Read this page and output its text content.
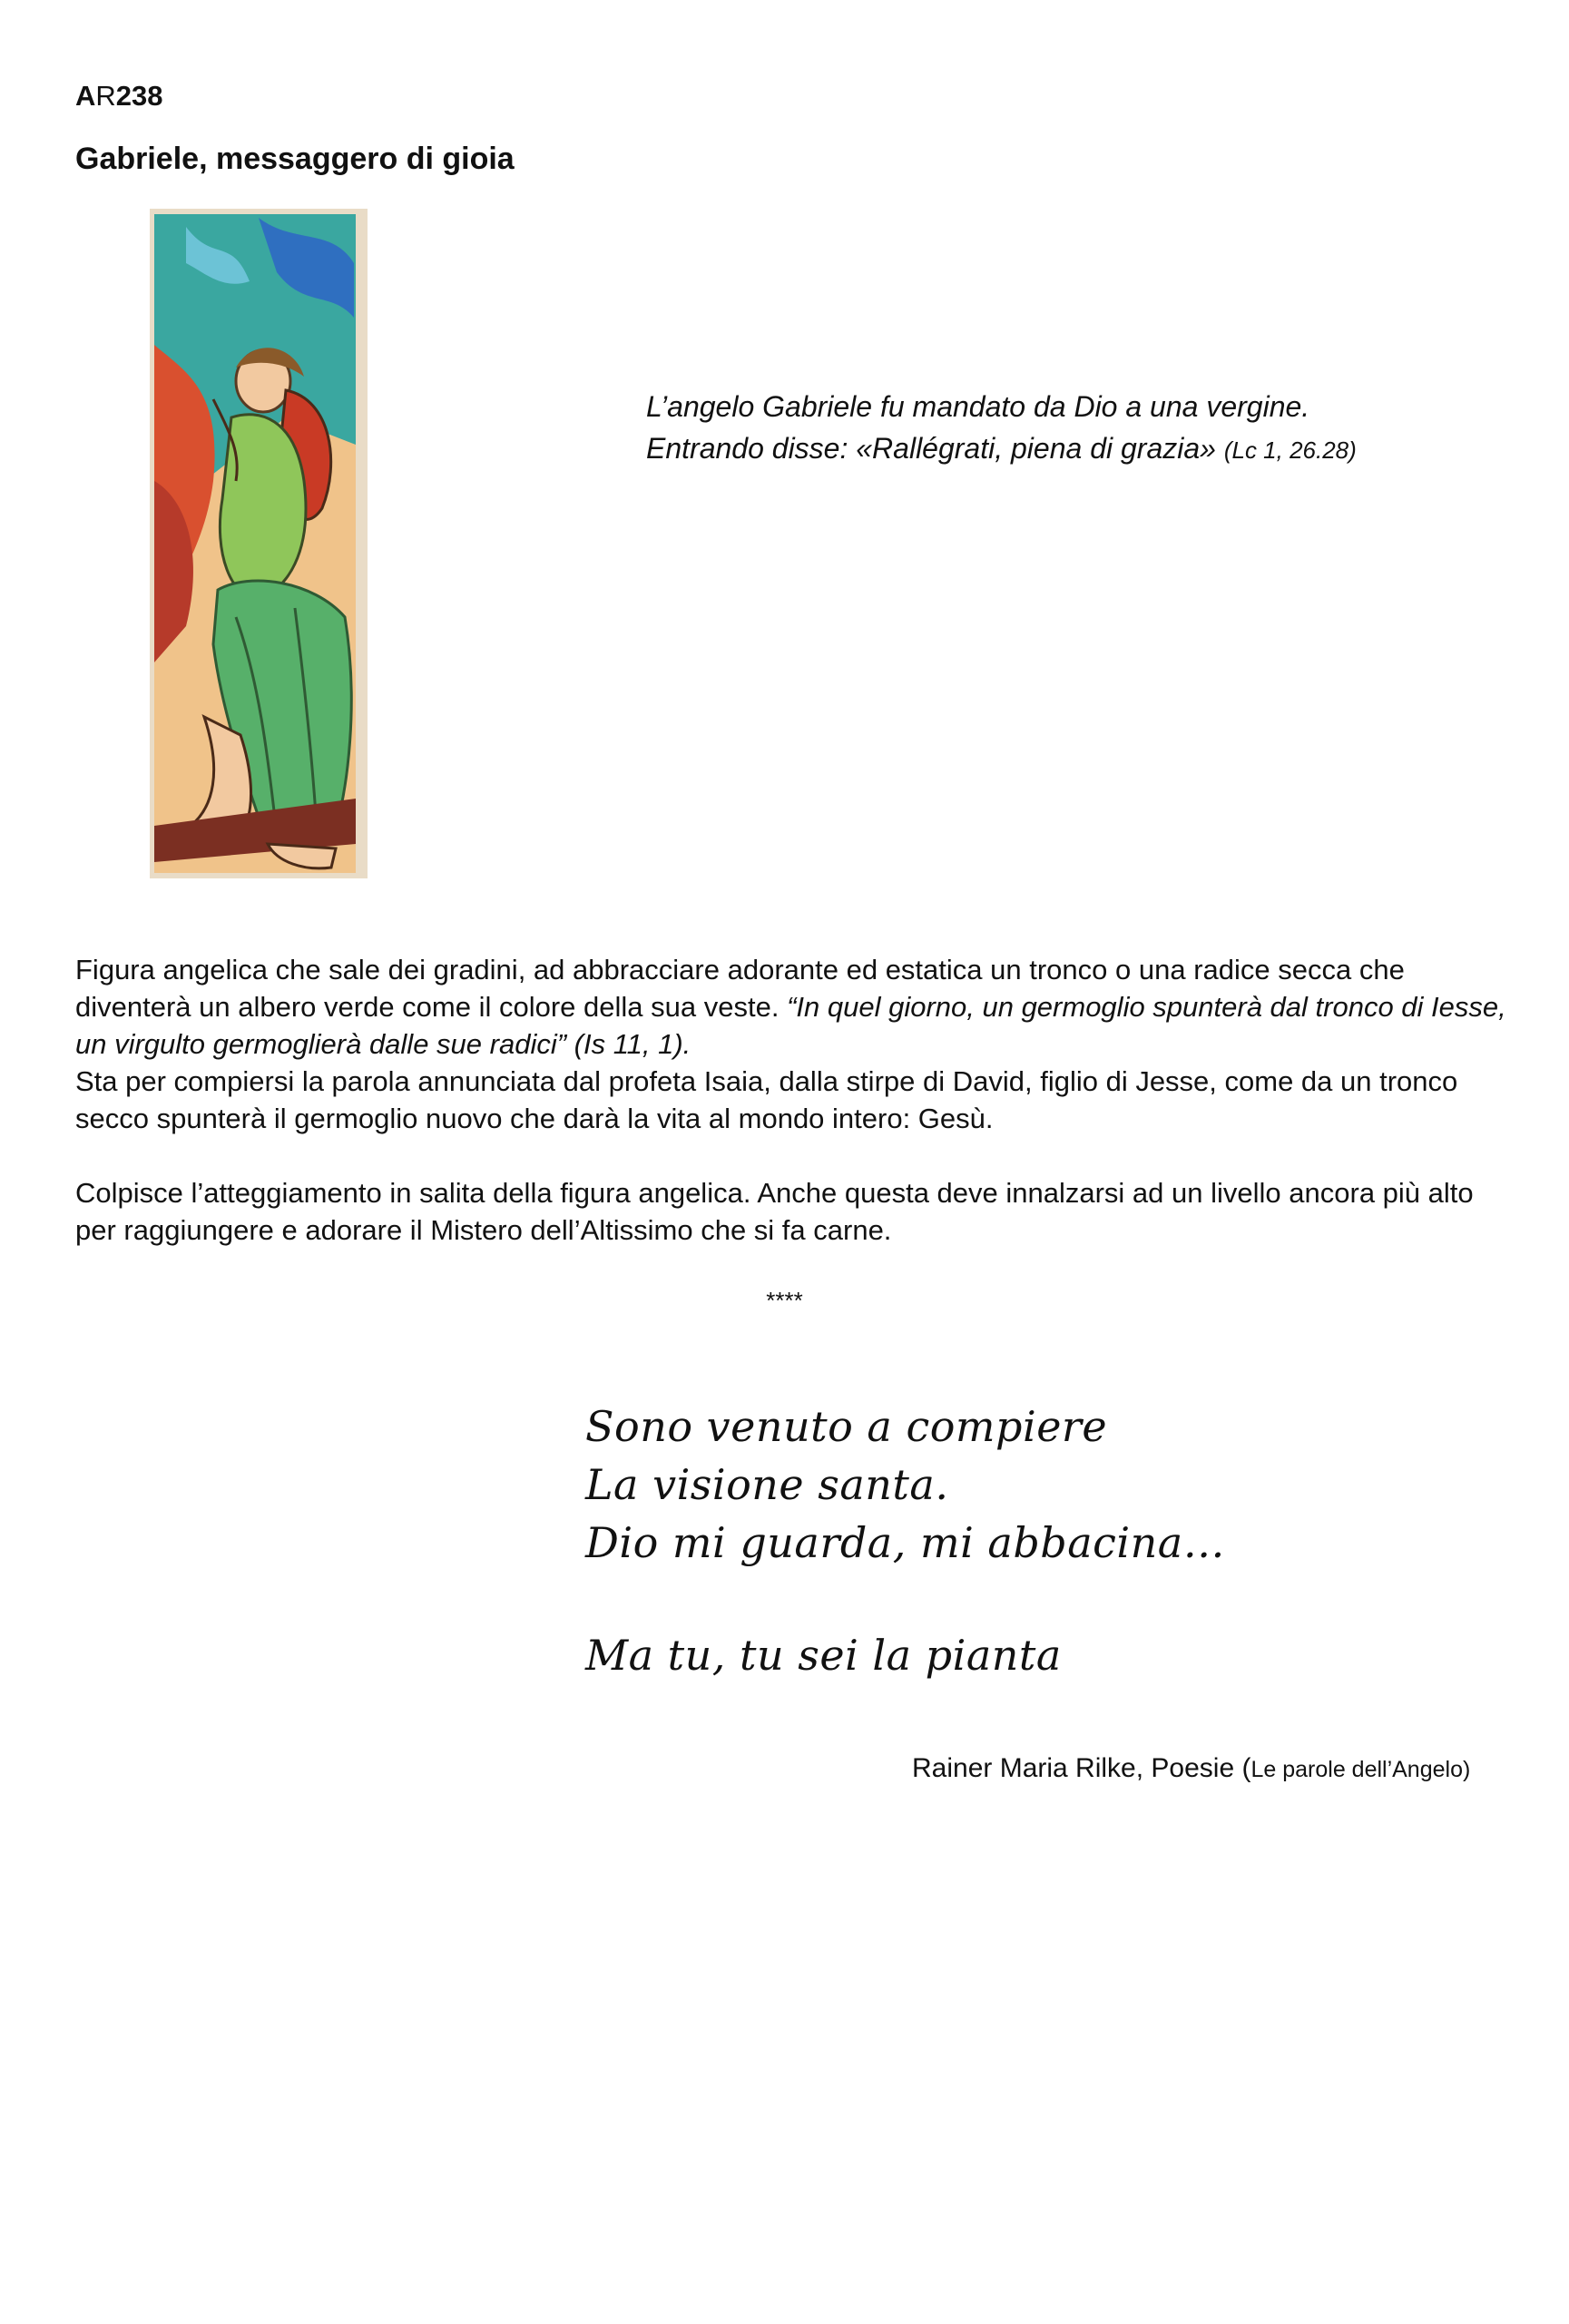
AR238
Gabriele, messaggero di gioia
L’angelo Gabriele fu mandato da Dio a una vergine.
Entrando disse: «Rallégrati, piena di grazia» (Lc 1, 26.28)

Figura angelica che sale dei gradini, ad abbracciare adorante ed estatica un tronco o una radice secca che diventerà un albero verde come il colore della sua veste. “In quel giorno, un germoglio spunterà dal tronco di Iesse, un virgulto germoglierà dalle sue radici” (Is 11, 1).

Sta per compiersi la parola annunciata dal profeta Isaia, dalla stirpe di David, figlio di Jesse, come da un tronco secco spunterà il germoglio nuovo che darà la vita al mondo intero: Gesù.

Colpisce l’atteggiamento in salita della figura angelica. Anche questa deve innalzarsi ad un livello ancora più alto per raggiungere e adorare il Mistero dell’Altissimo che si fa carne.

****
Sono venuto a compiere
La visione santa.
Dio mi guarda, mi abbacina…
Ma tu, tu sei la pianta
Rainer Maria Rilke, Poesie (Le parole dell’Angelo)
